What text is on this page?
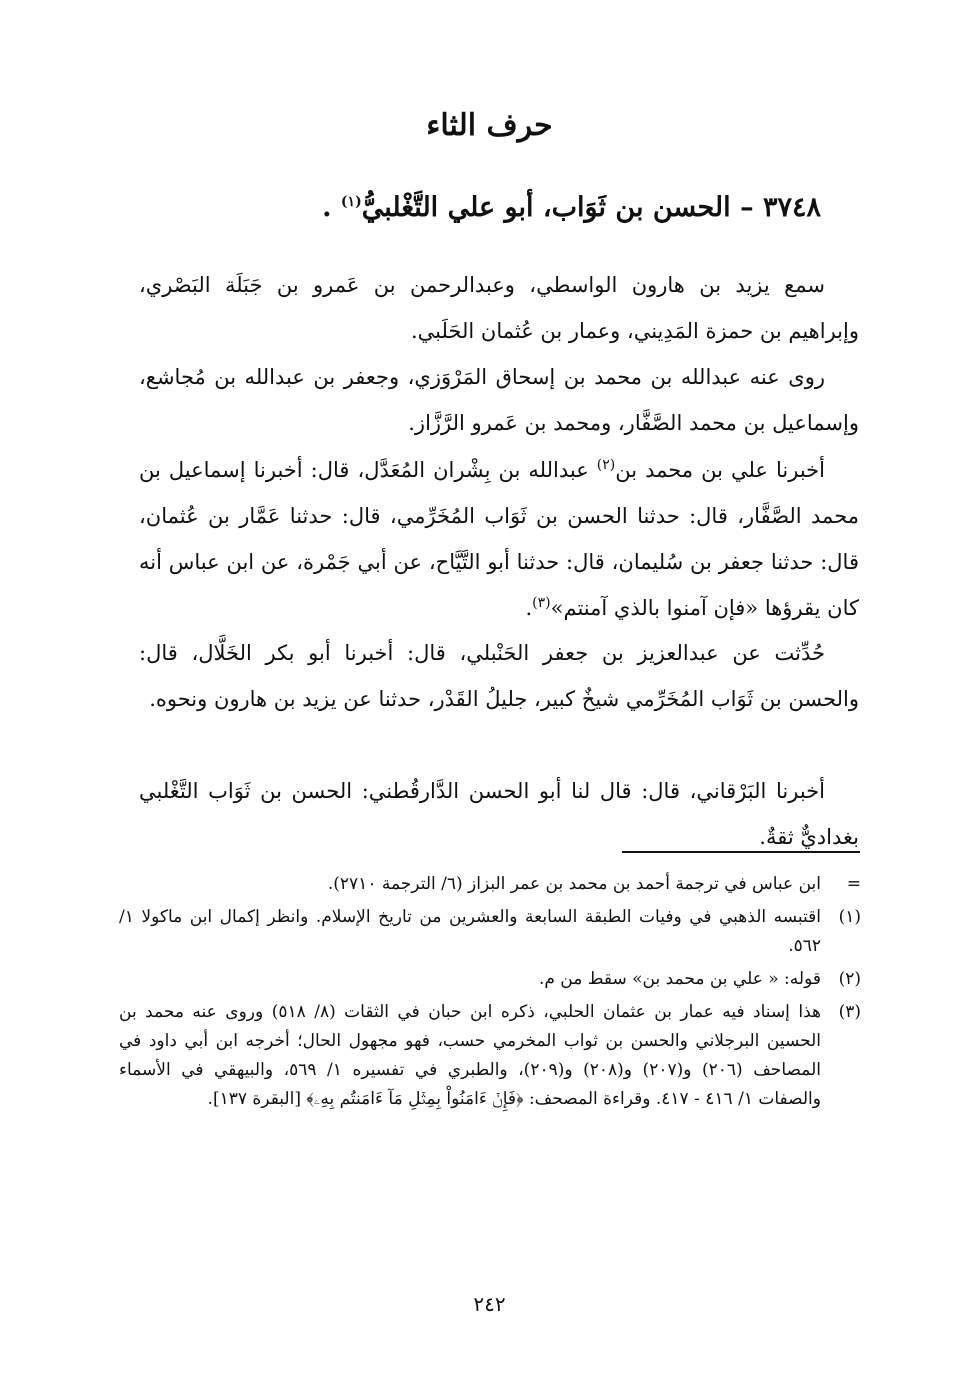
حرف الثاء
٣٧٤٨ – الحسن بن ثَوَاب، أبو علي التَّغْلبيُّ$^{(١)}$ .

سمع يزيد بن هارون الواسطي، وعبدالرحمن بن عَمرو بن جَبَلَة البَصْري، وإبراهيم بن حمزة المَدِيني، وعمار بن عُثمان الحَلَبي.

روى عنه عبدالله بن محمد بن إسحاق المَرْوَزي، وجعفر بن عبدالله بن مُجاشع، وإسماعيل بن محمد الصَّفَّار، ومحمد بن عَمرو الرَّزَّاز.

أخبرنا علي بن محمد بن$^{(٢)}$ عبدالله بن بِشْران المُعَدَّل، قال: أخبرنا إسماعيل بن محمد الصَّفَّار، قال: حدثنا الحسن بن ثَوَاب المُخَرِّمي، قال: حدثنا عَمَّار بن عُثمان، قال: حدثنا جعفر بن سُليمان، قال: حدثنا أبو التَّيَّاح، عن أبي جَمْرة، عن ابن عباس أنه كان يقرؤها «فإن آمنوا بالذي آمنتم»$^{(٣)}$.

حُدِّثت عن عبدالعزيز بن جعفر الحَنْبلي، قال: أخبرنا أبو بكر الخَلَّال، قال: والحسن بن ثَوَاب المُخَرِّمي شيخٌ كبير، جليلُ القَدْر، حدثنا عن يزيد بن هارون ونحوه.

أخبرنا البَرْقاني، قال: قال لنا أبو الحسن الدَّارقُطني: الحسن بن ثَوَاب التَّغْلبي بغداديٌّ ثقةٌ.

=
ابن عباس في ترجمة أحمد بن محمد بن عمر البزاز (٦/ الترجمة ٢٧١٠).
(١)
اقتبسه الذهبي في وفيات الطبقة السابعة والعشرين من تاريخ الإسلام. وانظر إكمال ابن ماكولا ١/ ٥٦٢.
(٢)
قوله: « علي بن محمد بن» سقط من م.
(٣)
هذا إسناد فيه عمار بن عثمان الحلبي، ذكره ابن حبان في الثقات (٨/ ٥١٨) وروى عنه محمد بن الحسين البرجلاني والحسن بن ثواب المخرمي حسب، فهو مجهول الحال؛ أخرجه ابن أبي داود في المصاحف (٢٠٦) و(٢٠٧) و(٢٠٨) و(٢٠٩)، والطبري في تفسيره ١/ ٥٦٩، والبيهقي في الأسماء والصفات ١/ ٤١٦ - ٤١٧. وقراءة المصحف: ﴿فَإِنۡ ءَامَنُواْ بِمِثۡلِ مَآ ءَامَنتُم بِهِۦ﴾ [البقرة ١٣٧].
٢٤٢
